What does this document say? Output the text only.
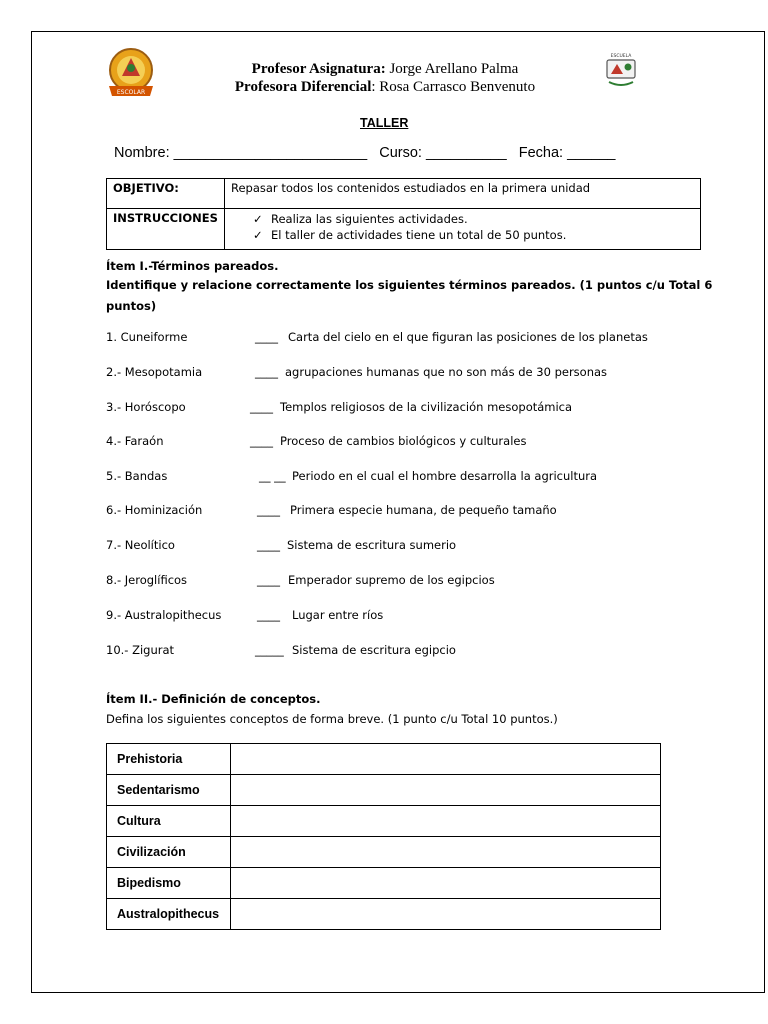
ESCOLAR
ESCUELA
Profesor Asignatura: Jorge Arellano Palma
Profesora Diferencial: Rosa Carrasco Benvenuto
TALLER
Nombre: ________________________   Curso: __________   Fecha: ______
OBJETIVO:	Repasar todos los contenidos estudiados en la primera unidad
INSTRUCCIONES	✓ Realiza las siguientes actividades.
✓ El taller de actividades tiene un total de 50 puntos.
Ítem I.-Términos pareados.
Identifique y relacione correctamente los siguientes términos pareados. (1 puntos c/u Total 6
puntos)
1. Cuneiforme	____ Carta del cielo en el que figuran las posiciones de los planetas
2.- Mesopotamia	____ agrupaciones humanas que no son más de 30 personas
3.- Horóscopo	____ Templos religiosos de la civilización mesopotámica
4.- Faraón	____ Proceso de cambios biológicos y culturales
5.- Bandas	__ __ Periodo en el cual el hombre desarrolla la agricultura
6.- Hominización	____ Primera especie humana, de pequeño tamaño
7.- Neolítico	____ Sistema de escritura sumerio
8.- Jeroglíficos	____ Emperador supremo de los egipcios
9.- Australopithecus	____ Lugar entre ríos
10.- Zigurat	_____ Sistema de escritura egipcio
Ítem II.- Definición de conceptos.
Defina los siguientes conceptos de forma breve. (1 punto c/u Total 10 puntos.)
Prehistoria	
Sedentarismo	
Cultura	
Civilización	
Bipedismo	
Australopithecus	
